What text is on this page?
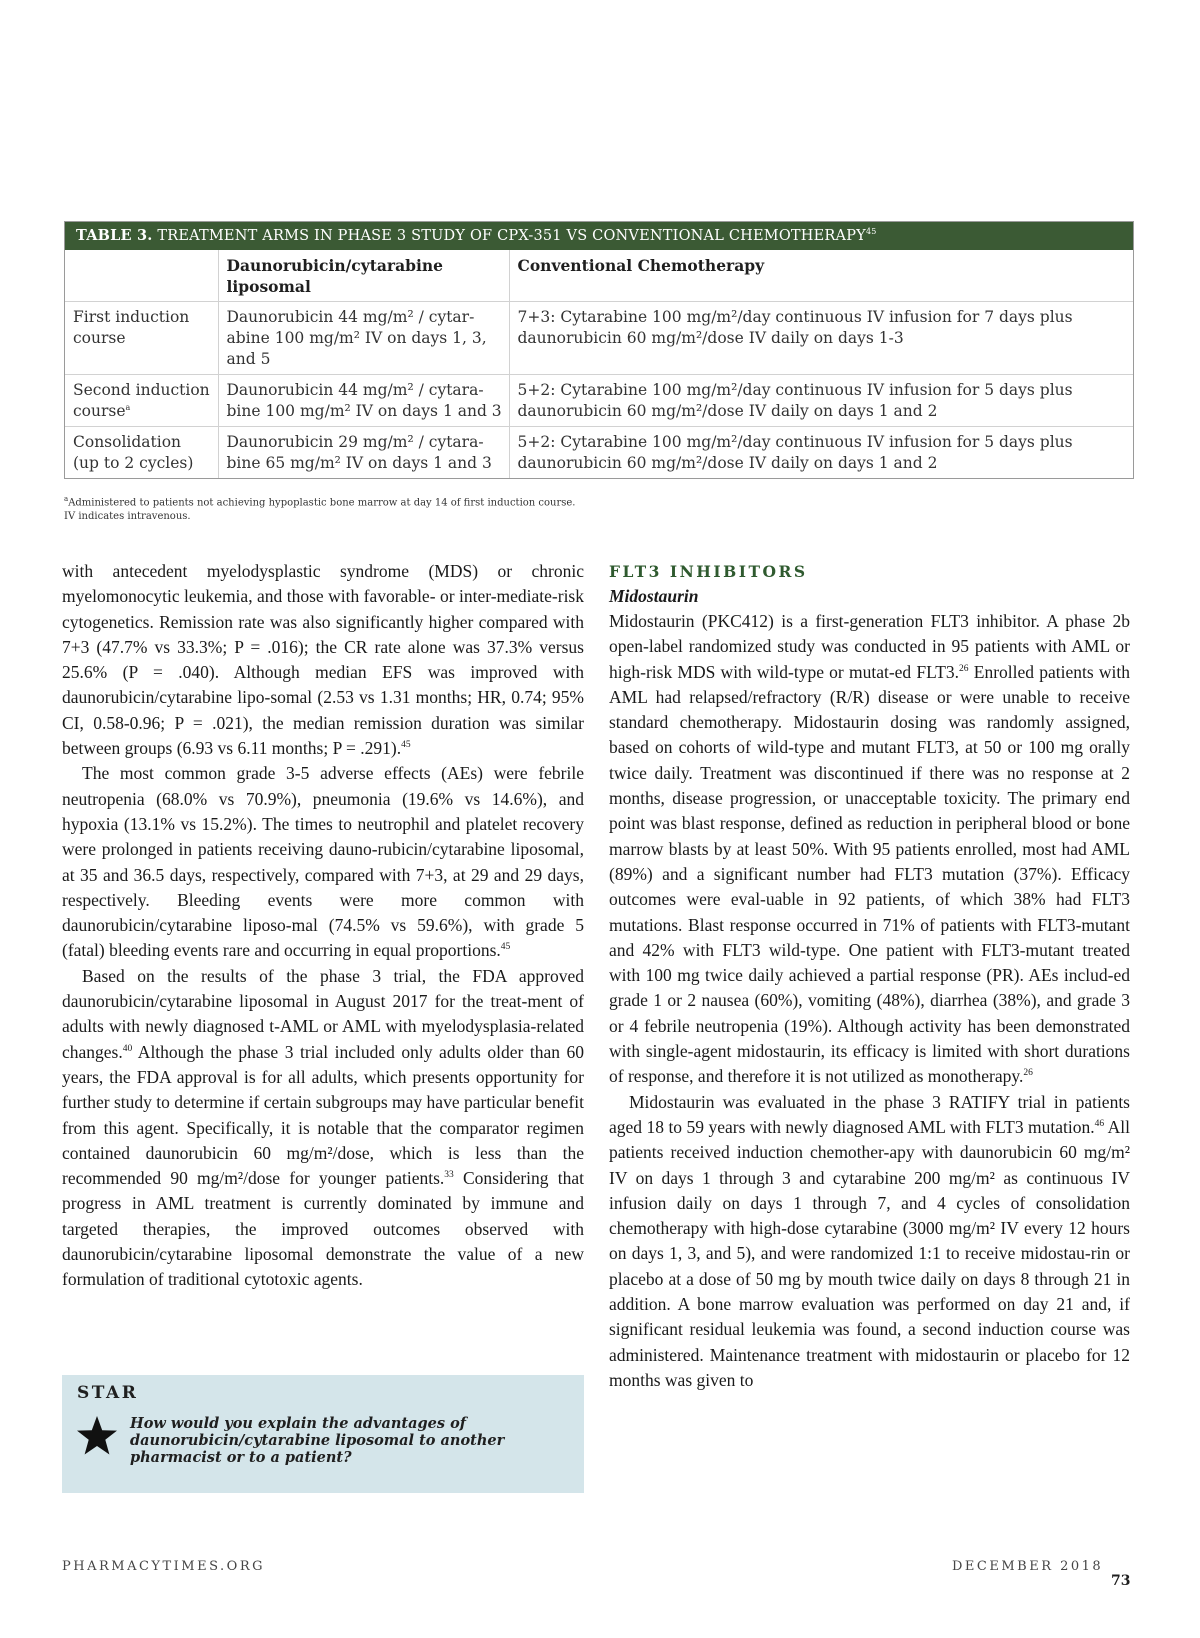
TABLE 3. TREATMENT ARMS IN PHASE 3 STUDY OF CPX-351 VS CONVENTIONAL CHEMOTHERAPY$^{45}$
	Daunorubicin/cytarabine liposomal	Conventional Chemotherapy
First induction course	Daunorubicin 44 mg/m² / cytar-abine 100 mg/m² IV on days 1, 3, and 5	7+3: Cytarabine 100 mg/m²/day continuous IV infusion for 7 days plus daunorubicin 60 mg/m²/dose IV daily on days 1-3
Second induction course$^a$	Daunorubicin 44 mg/m² / cytara-bine 100 mg/m² IV on days 1 and 3	5+2: Cytarabine 100 mg/m²/day continuous IV infusion for 5 days plus daunorubicin 60 mg/m²/dose IV daily on days 1 and 2
Consolidation (up to 2 cycles)	Daunorubicin 29 mg/m² / cytara-bine 65 mg/m² IV on days 1 and 3	5+2: Cytarabine 100 mg/m²/day continuous IV infusion for 5 days plus daunorubicin 60 mg/m²/dose IV daily on days 1 and 2
$^a$Administered to patients not achieving hypoplastic bone marrow at day 14 of first induction course.
IV indicates intravenous.

with antecedent myelodysplastic syndrome (MDS) or chronic myelomonocytic leukemia, and those with favorable- or inter-mediate-risk cytogenetics. Remission rate was also significantly higher compared with 7+3 (47.7% vs 33.3%; P = .016); the CR rate alone was 37.3% versus 25.6% (P = .040). Although median EFS was improved with daunorubicin/cytarabine lipo-somal (2.53 vs 1.31 months; HR, 0.74; 95% CI, 0.58-0.96; P = .021), the median remission duration was similar between groups (6.93 vs 6.11 months; P = .291).$^{45}$

The most common grade 3-5 adverse effects (AEs) were febrile neutropenia (68.0% vs 70.9%), pneumonia (19.6% vs 14.6%), and hypoxia (13.1% vs 15.2%). The times to neutrophil and platelet recovery were prolonged in patients receiving dauno-rubicin/cytarabine liposomal, at 35 and 36.5 days, respectively, compared with 7+3, at 29 and 29 days, respectively. Bleeding events were more common with daunorubicin/cytarabine liposo-mal (74.5% vs 59.6%), with grade 5 (fatal) bleeding events rare and occurring in equal proportions.$^{45}$

Based on the results of the phase 3 trial, the FDA approved daunorubicin/cytarabine liposomal in August 2017 for the treat-ment of adults with newly diagnosed t-AML or AML with myelodysplasia-related changes.$^{40}$ Although the phase 3 trial included only adults older than 60 years, the FDA approval is for all adults, which presents opportunity for further study to determine if certain subgroups may have particular benefit from this agent. Specifically, it is notable that the comparator regimen contained daunorubicin 60 mg/m²/dose, which is less than the recommended 90 mg/m²/dose for younger patients.$^{33}$ Considering that progress in AML treatment is currently dominated by immune and targeted therapies, the improved outcomes observed with daunorubicin/cytarabine liposomal demonstrate the value of a new formulation of traditional cytotoxic agents.

STAR
How would you explain the advantages of daunorubicin/cytarabine liposomal to another pharmacist or to a patient?
FLT3 INHIBITORS
Midostaurin

Midostaurin (PKC412) is a first-generation FLT3 inhibitor. A phase 2b open-label randomized study was conducted in 95 patients with AML or high-risk MDS with wild-type or mutat-ed FLT3.26 Enrolled patients with AML had relapsed/refractory (R/R) disease or were unable to receive standard chemotherapy. Midostaurin dosing was randomly assigned, based on cohorts of wild-type and mutant FLT3, at 50 or 100 mg orally twice daily. Treatment was discontinued if there was no response at 2 months, disease progression, or unacceptable toxicity. The primary end point was blast response, defined as reduction in peripheral blood or bone marrow blasts by at least 50%. With 95 patients enrolled, most had AML (89%) and a significant number had FLT3 mutation (37%). Efficacy outcomes were eval-uable in 92 patients, of which 38% had FLT3 mutations. Blast response occurred in 71% of patients with FLT3-mutant and 42% with FLT3 wild-type. One patient with FLT3-mutant treated with 100 mg twice daily achieved a partial response (PR). AEs includ-ed grade 1 or 2 nausea (60%), vomiting (48%), diarrhea (38%), and grade 3 or 4 febrile neutropenia (19%). Although activity has been demonstrated with single-agent midostaurin, its efficacy is limited with short durations of response, and therefore it is not utilized as monotherapy.$^{26}$

Midostaurin was evaluated in the phase 3 RATIFY trial in patients aged 18 to 59 years with newly diagnosed AML with FLT3 mutation.$^{46}$ All patients received induction chemother-apy with daunorubicin 60 mg/m² IV on days 1 through 3 and cytarabine 200 mg/m² as continuous IV infusion daily on days 1 through 7, and 4 cycles of consolidation chemotherapy with high-dose cytarabine (3000 mg/m² IV every 12 hours on days 1, 3, and 5), and were randomized 1:1 to receive midostau-rin or placebo at a dose of 50 mg by mouth twice daily on days 8 through 21 in addition. A bone marrow evaluation was performed on day 21 and, if significant residual leukemia was found, a second induction course was administered. Maintenance treatment with midostaurin or placebo for 12 months was given to

PHARMACYTIMES.ORG	DECEMBER 2018
73
